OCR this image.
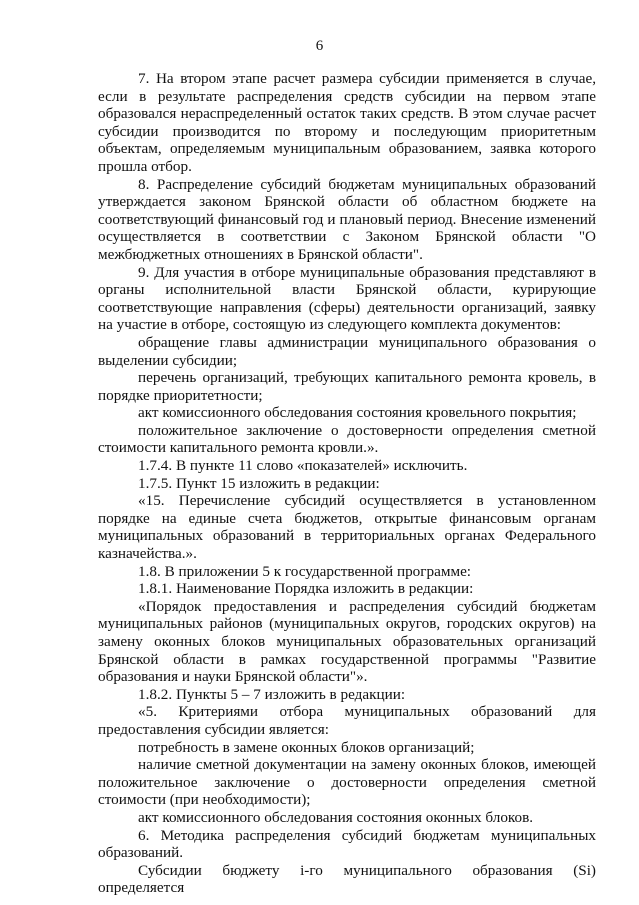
6

7. На втором этапе расчет размера субсидии применяется в случае, если в результате распределения средств субсидии на первом этапе образовался нераспределенный остаток таких средств. В этом случае расчет субсидии производится по второму и последующим приоритетным объектам, определяемым муниципальным образованием, заявка которого прошла отбор.

8. Распределение субсидий бюджетам муниципальных образований утверждается законом Брянской области об областном бюджете на соответствующий финансовый год и плановый период. Внесение изменений осуществляется в соответствии с Законом Брянской области "О межбюджетных отношениях в Брянской области".

9. Для участия в отборе муниципальные образования представляют в органы исполнительной власти Брянской области, курирующие соответствующие направления (сферы) деятельности организаций, заявку на участие в отборе, состоящую из следующего комплекта документов:

обращение главы администрации муниципального образования о выделении субсидии;

перечень организаций, требующих капитального ремонта кровель, в порядке приоритетности;

акт комиссионного обследования состояния кровельного покрытия;

положительное заключение о достоверности определения сметной стоимости капитального ремонта кровли.».

1.7.4. В пункте 11 слово «показателей» исключить.

1.7.5. Пункт 15 изложить в редакции:

«15. Перечисление субсидий осуществляется в установленном порядке на единые счета бюджетов, открытые финансовым органам муниципальных образований в территориальных органах Федерального казначейства.».

1.8. В приложении 5 к государственной программе:

1.8.1. Наименование Порядка изложить в редакции:

«Порядок предоставления и распределения субсидий бюджетам муниципальных районов (муниципальных округов, городских округов) на замену оконных блоков муниципальных образовательных организаций Брянской области в рамках государственной программы "Развитие образования и науки Брянской области"».

1.8.2. Пункты 5 – 7 изложить в редакции:

«5. Критериями отбора муниципальных образований для предоставления субсидии является:

потребность в замене оконных блоков организаций;

наличие сметной документации на замену оконных блоков, имеющей положительное заключение о достоверности определения сметной стоимости (при необходимости);

акт комиссионного обследования состояния оконных блоков.

6. Методика распределения субсидий бюджетам муниципальных образований.

Субсидии бюджету i-го муниципального образования (Si) определяется
